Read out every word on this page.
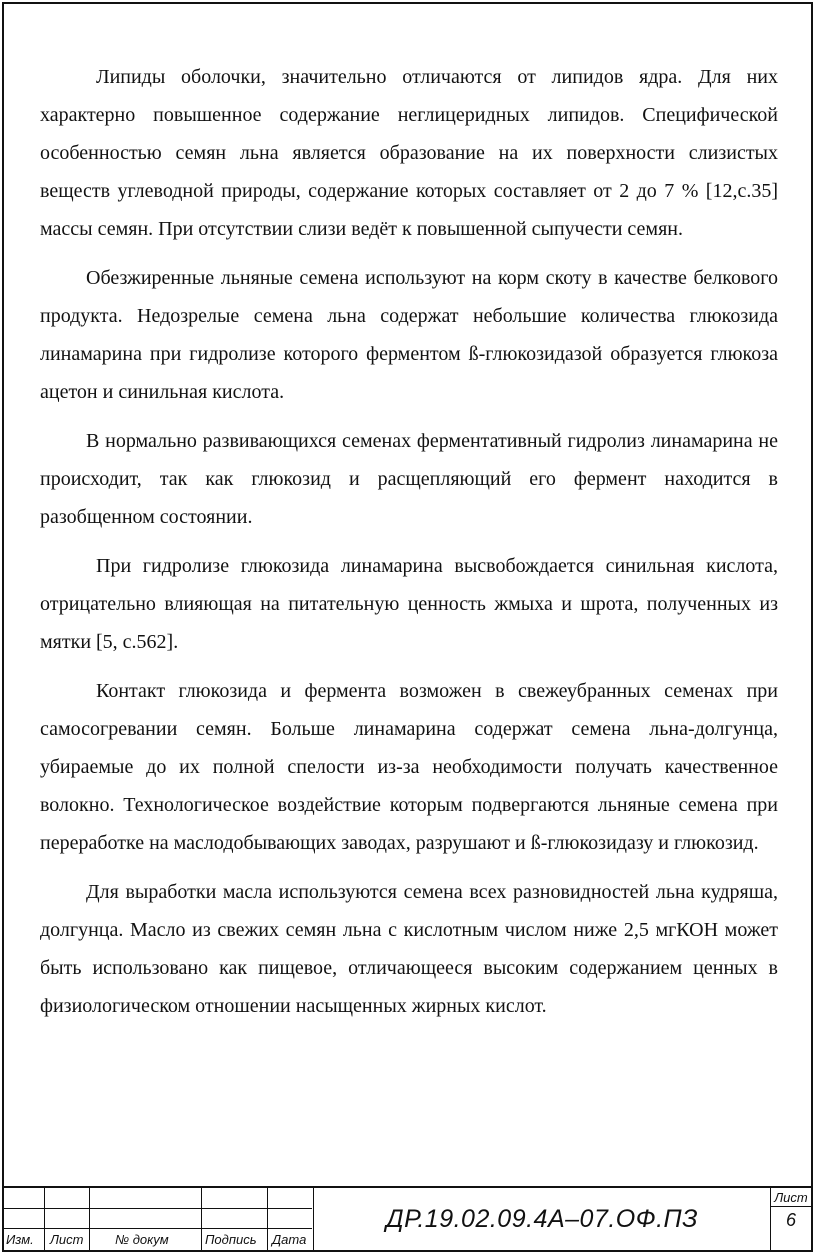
Липиды оболочки, значительно отличаются от липидов ядра. Для них характерно повышенное содержание неглицеридных липидов. Специфической особенностью семян льна является образование на их поверхности слизистых веществ углеводной природы, содержание которых составляет от 2 до 7 % [12,с.35] массы семян. При отсутствии слизи ведёт к повышенной сыпучести семян.

Обезжиренные льняные семена используют на корм скоту в качестве белкового продукта. Недозрелые семена льна содержат небольшие количества глюкозида линамарина при гидролизе которого ферментом ß-глюкозидазой образуется глюкоза ацетон и синильная кислота.

В нормально развивающихся семенах ферментативный гидролиз линамарина не происходит, так как глюкозид и расщепляющий его фермент находится в разобщенном состоянии.

При гидролизе глюкозида линамарина высвобождается синильная кислота, отрицательно влияющая на питательную ценность жмыха и шрота, полученных из мятки [5, с.562].

Контакт глюкозида и фермента возможен в свежеубранных семенах при самосогревании семян. Больше линамарина содержат семена льна-долгунца, убираемые до их полной спелости из-за необходимости получать качественное волокно. Технологическое воздействие которым подвергаются льняные семена при переработке на маслодобывающих заводах, разрушают и ß-глюкозидазу и глюкозид.

Для выработки масла используются семена всех разновидностей льна кудряша, долгунца. Масло из свежих семян льна с кислотным числом ниже 2,5 мгКОН может быть использовано как пищевое, отличающееся высоким содержанием ценных в физиологическом отношении насыщенных жирных кислот.

Изм. Лист № докум	Подпись Дата
ДР.19.02.09.4А–07.ОФ.ПЗ
Лист
6
